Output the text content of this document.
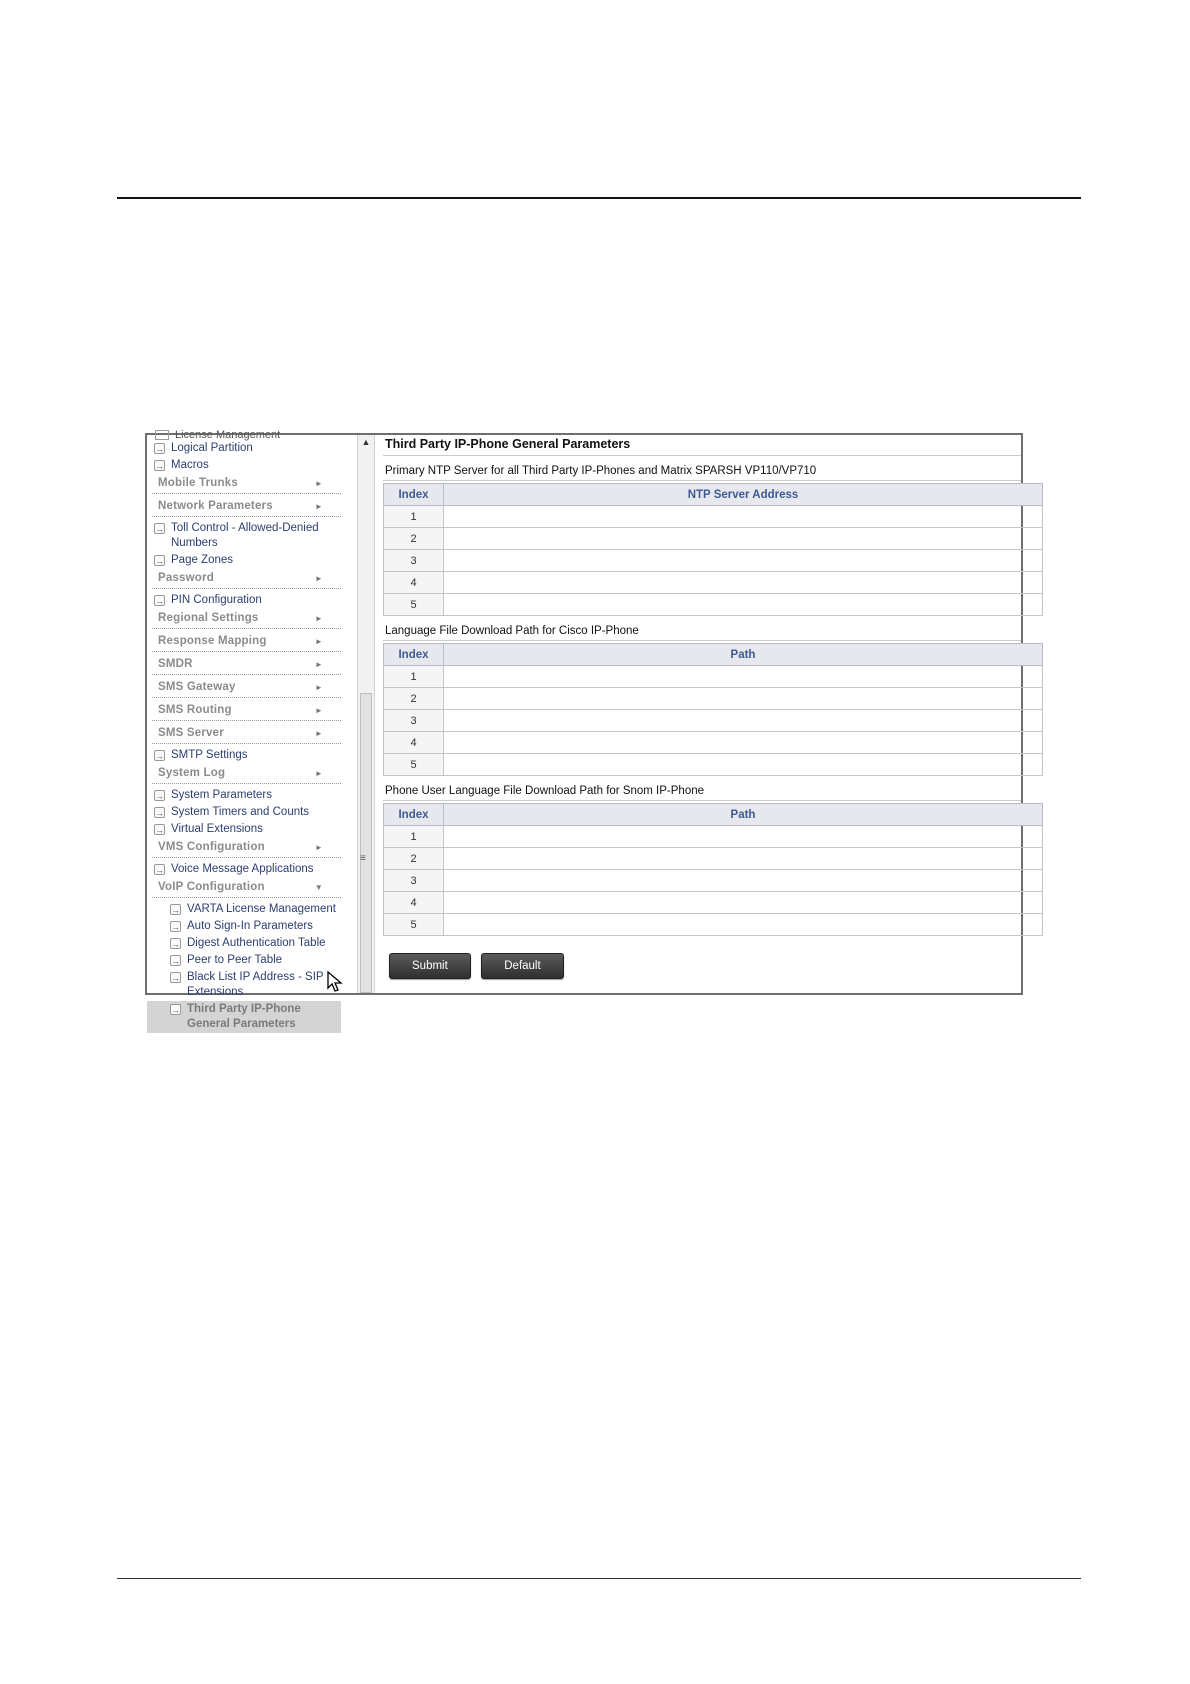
License Management
→ Logical Partition
→ Macros
Mobile Trunks	►
Network Parameters	►
→ Toll Control - Allowed-Denied Numbers
→ Page Zones
Password	►
→ PIN Configuration
Regional Settings	►
Response Mapping	►
SMDR	►
SMS Gateway	►
SMS Routing	►
SMS Server	►
→ SMTP Settings
System Log	►
→ System Parameters
→ System Timers and Counts
→ Virtual Extensions
VMS Configuration	►
→ Voice Message Applications
VoIP Configuration	▼
→ VARTA License Management
→ Auto Sign-In Parameters
→ Digest Authentication Table
→ Peer to Peer Table
→ Black List IP Address - SIP Extensions
→ Third Party IP-Phone General Parameters
▲
≡
Third Party IP-Phone General Parameters
Primary NTP Server for all Third Party IP-Phones and Matrix SPARSH VP110/VP710
Index	NTP Server Address
1	
2	
3	
4	
5	
Language File Download Path for Cisco IP-Phone
Index	Path
1	
2	
3	
4	
5	
Phone User Language File Download Path for Snom IP-Phone
Index	Path
1	
2	
3	
4	
5	
Submit	Default
